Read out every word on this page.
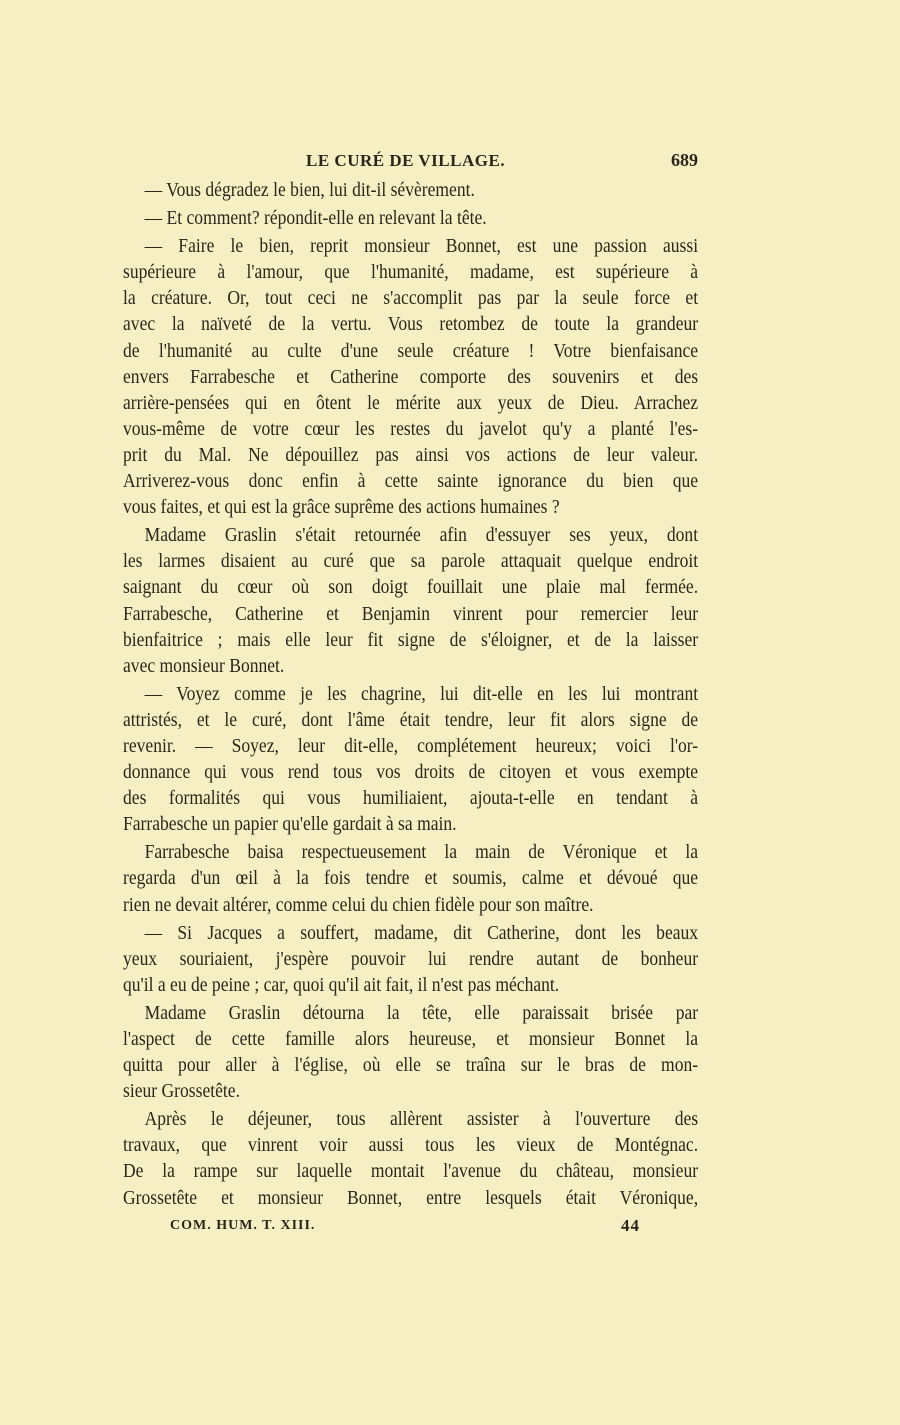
LE CURÉ DE VILLAGE.	689
— Vous dégradez le bien, lui dit-il sévèrement.
— Et comment? répondit-elle en relevant la tête.
— Faire le bien, reprit monsieur Bonnet, est une passion aussi
supérieure à l'amour, que l'humanité, madame, est supérieure à
la créature. Or, tout ceci ne s'accomplit pas par la seule force et
avec la naïveté de la vertu. Vous retombez de toute la grandeur
de l'humanité au culte d'une seule créature ! Votre bienfaisance
envers Farrabesche et Catherine comporte des souvenirs et des
arrière-pensées qui en ôtent le mérite aux yeux de Dieu. Arrachez
vous-même de votre cœur les restes du javelot qu'y a planté l'es-
prit du Mal. Ne dépouillez pas ainsi vos actions de leur valeur.
Arriverez-vous donc enfin à cette sainte ignorance du bien que
vous faites, et qui est la grâce suprême des actions humaines ?
Madame Graslin s'était retournée afin d'essuyer ses yeux, dont
les larmes disaient au curé que sa parole attaquait quelque endroit
saignant du cœur où son doigt fouillait une plaie mal fermée.
Farrabesche, Catherine et Benjamin vinrent pour remercier leur
bienfaitrice ; mais elle leur fit signe de s'éloigner, et de la laisser
avec monsieur Bonnet.
— Voyez comme je les chagrine, lui dit-elle en les lui montrant
attristés, et le curé, dont l'âme était tendre, leur fit alors signe de
revenir. — Soyez, leur dit-elle, complétement heureux; voici l'or-
donnance qui vous rend tous vos droits de citoyen et vous exempte
des formalités qui vous humiliaient, ajouta-t-elle en tendant à
Farrabesche un papier qu'elle gardait à sa main.
Farrabesche baisa respectueusement la main de Véronique et la
regarda d'un œil à la fois tendre et soumis, calme et dévoué que
rien ne devait altérer, comme celui du chien fidèle pour son maître.
— Si Jacques a souffert, madame, dit Catherine, dont les beaux
yeux souriaient, j'espère pouvoir lui rendre autant de bonheur
qu'il a eu de peine ; car, quoi qu'il ait fait, il n'est pas méchant.
Madame Graslin détourna la tête, elle paraissait brisée par
l'aspect de cette famille alors heureuse, et monsieur Bonnet la
quitta pour aller à l'église, où elle se traîna sur le bras de mon-
sieur Grossetête.
Après le déjeuner, tous allèrent assister à l'ouverture des
travaux, que vinrent voir aussi tous les vieux de Montégnac.
De la rampe sur laquelle montait l'avenue du château, monsieur
Grossetête et monsieur Bonnet, entre lesquels était Véronique,
COM. HUM. T. XIII.	44
